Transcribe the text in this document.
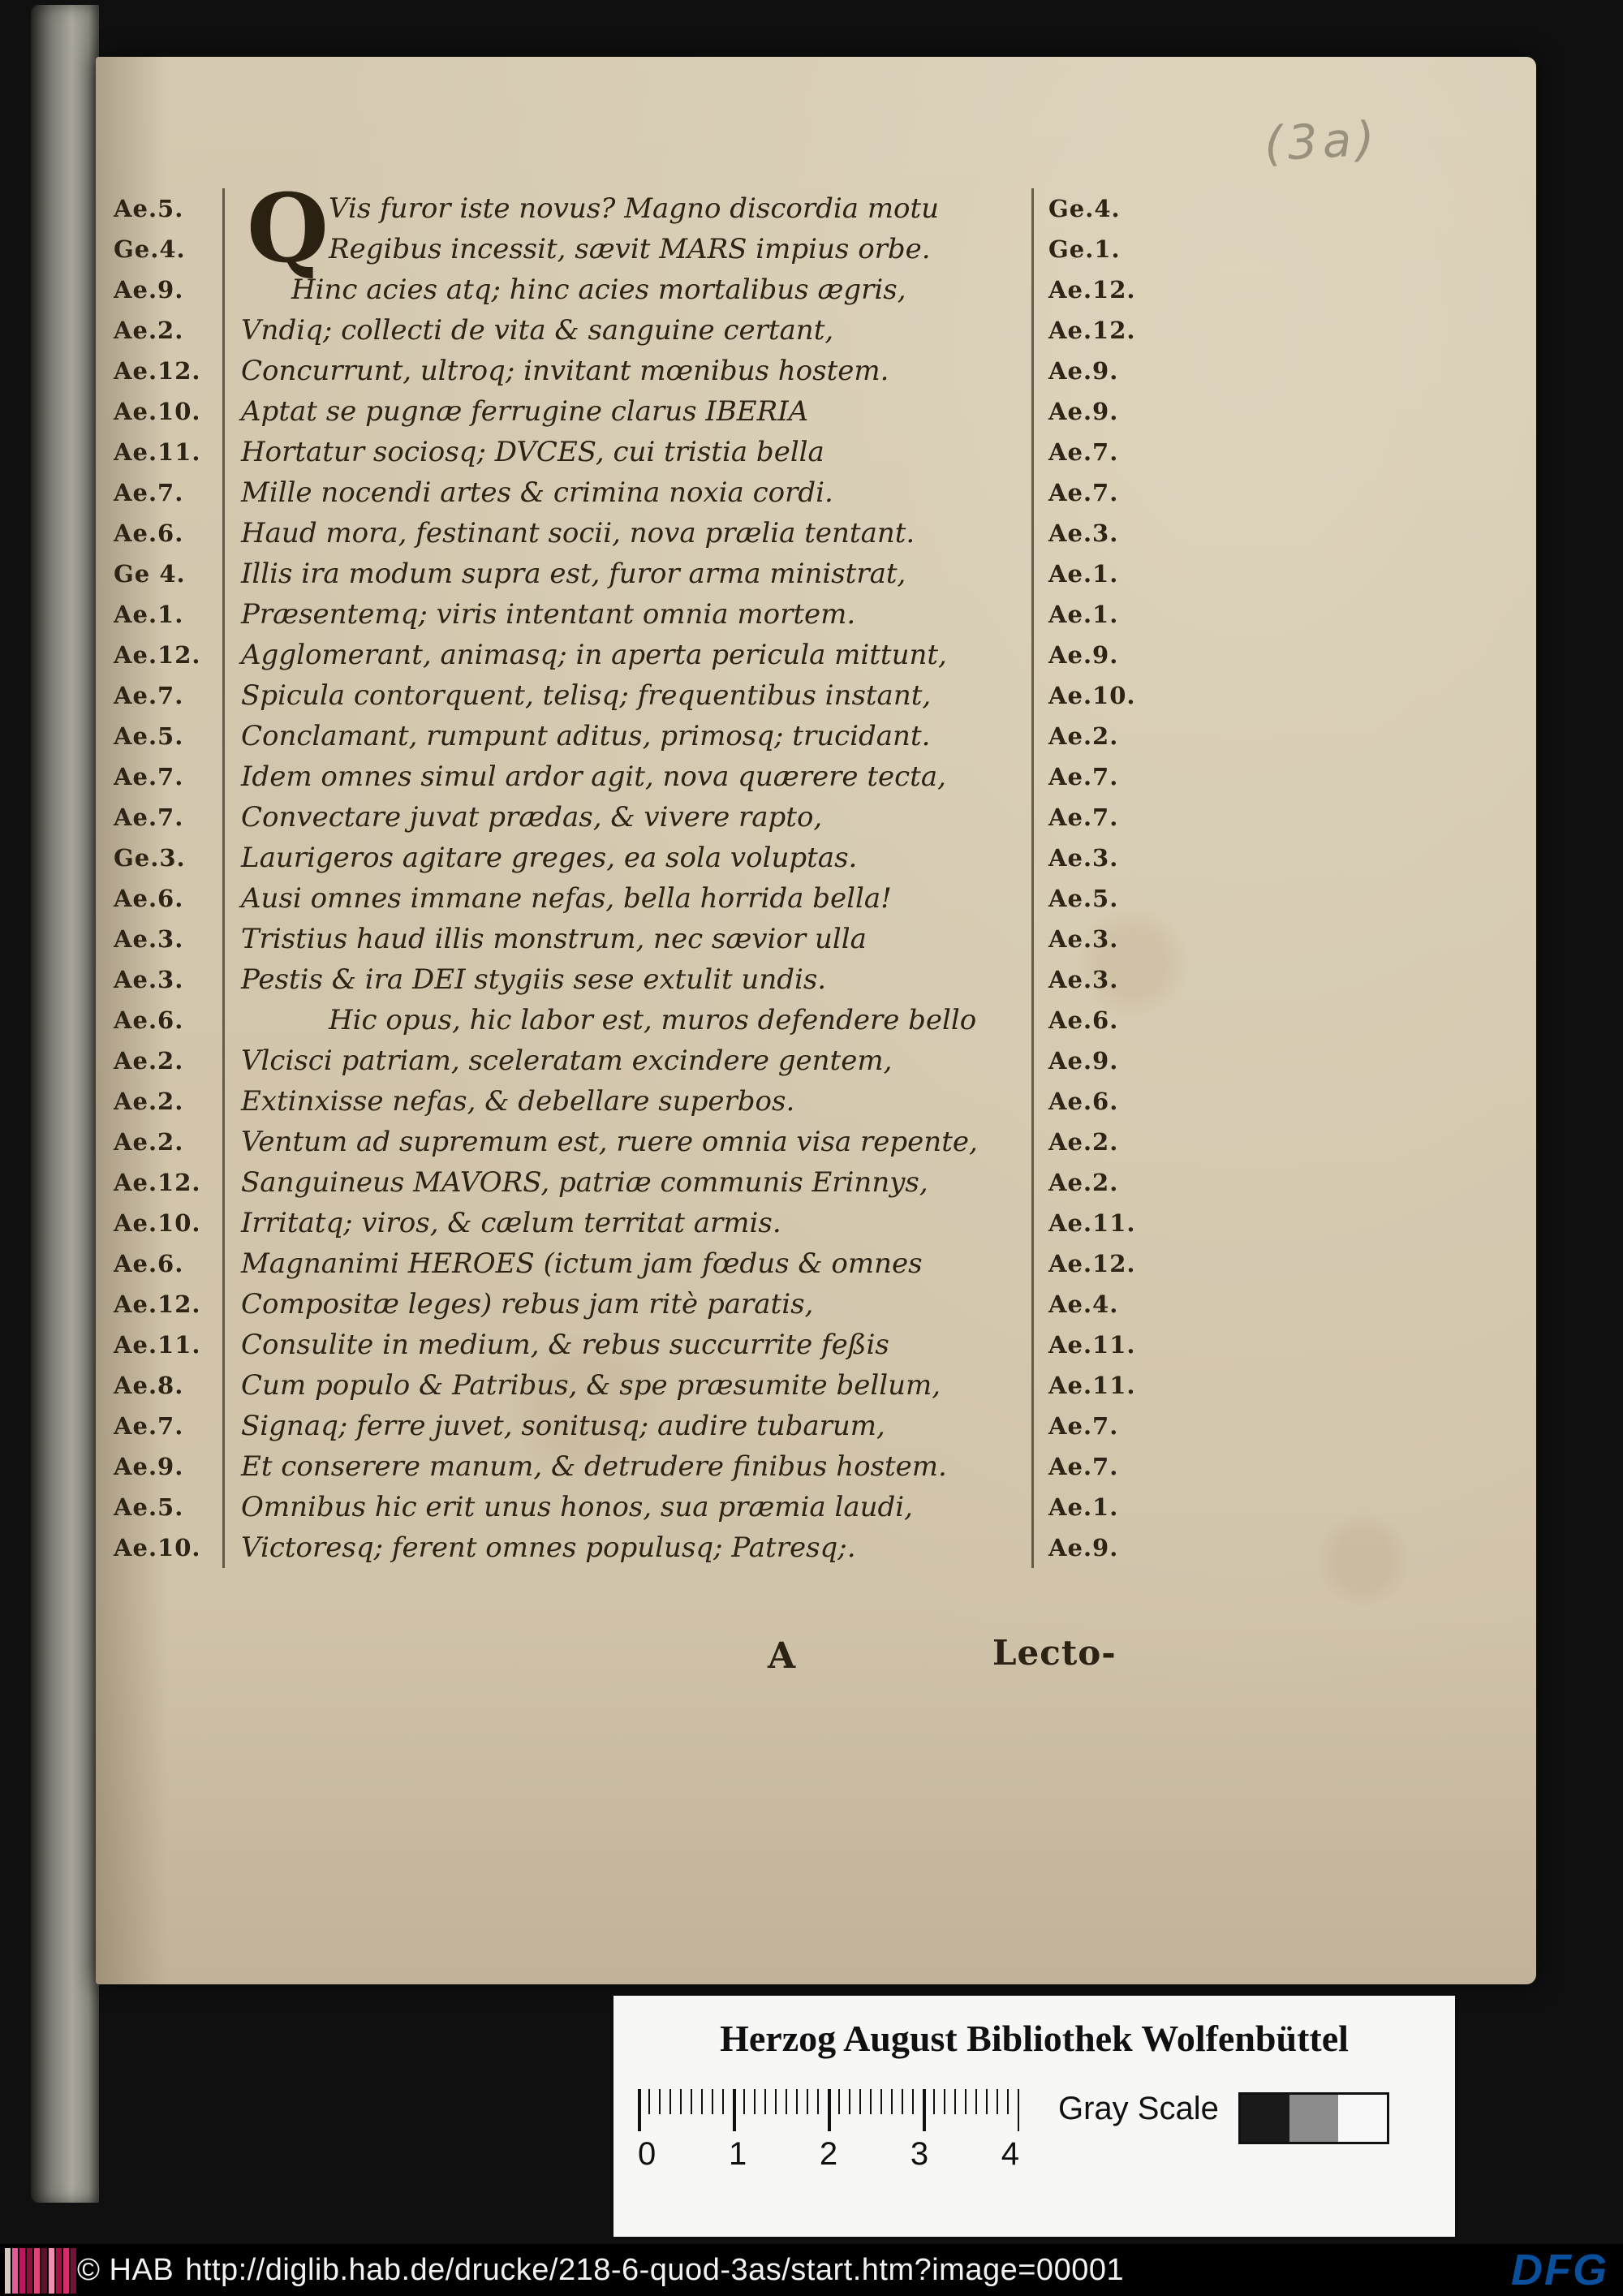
(3a)
Q
Ae.5.	Vis furor iste novus? Magno discordia motu	Ge.4.
Ge.4.	Regibus incessit, sævit MARS impius orbe.	Ge.1.
Ae.9.	Hinc acies atq; hinc acies mortalibus ægris,	Ae.12.
Ae.2.	Vndiq; collecti de vita & sanguine certant,	Ae.12.
Ae.12.	Concurrunt, ultroq; invitant mœnibus hostem.	Ae.9.
Ae.10.	Aptat se pugnæ ferrugine clarus IBERIA	Ae.9.
Ae.11.	Hortatur sociosq; DVCES, cui tristia bella	Ae.7.
Ae.7.	Mille nocendi artes & crimina noxia cordi.	Ae.7.
Ae.6.	Haud mora, festinant socii, nova prælia tentant.	Ae.3.
Ge 4.	Illis ira modum supra est, furor arma ministrat,	Ae.1.
Ae.1.	Præsentemq; viris intentant omnia mortem.	Ae.1.
Ae.12.	Agglomerant, animasq; in aperta pericula mittunt,	Ae.9.
Ae.7.	Spicula contorquent, telisq; frequentibus instant,	Ae.10.
Ae.5.	Conclamant, rumpunt aditus, primosq; trucidant.	Ae.2.
Ae.7.	Idem omnes simul ardor agit, nova quærere tecta,	Ae.7.
Ae.7.	Convectare juvat prædas, & vivere rapto,	Ae.7.
Ge.3.	Laurigeros agitare greges, ea sola voluptas.	Ae.3.
Ae.6.	Ausi omnes immane nefas, bella horrida bella!	Ae.5.
Ae.3.	Tristius haud illis monstrum, nec sævior ulla	Ae.3.
Ae.3.	Pestis & ira DEI stygiis sese extulit undis.	Ae.3.
Ae.6.	Hic opus, hic labor est, muros defendere bello	Ae.6.
Ae.2.	Vlcisci patriam, sceleratam excindere gentem,	Ae.9.
Ae.2.	Extinxisse nefas, & debellare superbos.	Ae.6.
Ae.2.	Ventum ad supremum est, ruere omnia visa repente,	Ae.2.
Ae.12.	Sanguineus MAVORS, patriæ communis Erinnys,	Ae.2.
Ae.10.	Irritatq; viros, & cælum territat armis.	Ae.11.
Ae.6.	Magnanimi HEROES (ictum jam fœdus & omnes	Ae.12.
Ae.12.	Compositæ leges) rebus jam ritè paratis,	Ae.4.
Ae.11.	Consulite in medium, & rebus succurrite feßis	Ae.11.
Ae.8.	Cum populo & Patribus, & spe præsumite bellum,	Ae.11.
Ae.7.	Signaq; ferre juvet, sonitusq; audire tubarum,	Ae.7.
Ae.9.	Et conserere manum, & detrudere finibus hostem.	Ae.7.
Ae.5.	Omnibus hic erit unus honos, sua præmia laudi,	Ae.1.
Ae.10.	Victoresq; ferent omnes populusq; Patresq;.	Ae.9.
A	Lecto-
Herzog August Bibliothek Wolfenbüttel
0 1 2 3 4
Gray Scale
© HAB http://diglib.hab.de/drucke/218-6-quod-3as/start.htm?image=00001	DFG
